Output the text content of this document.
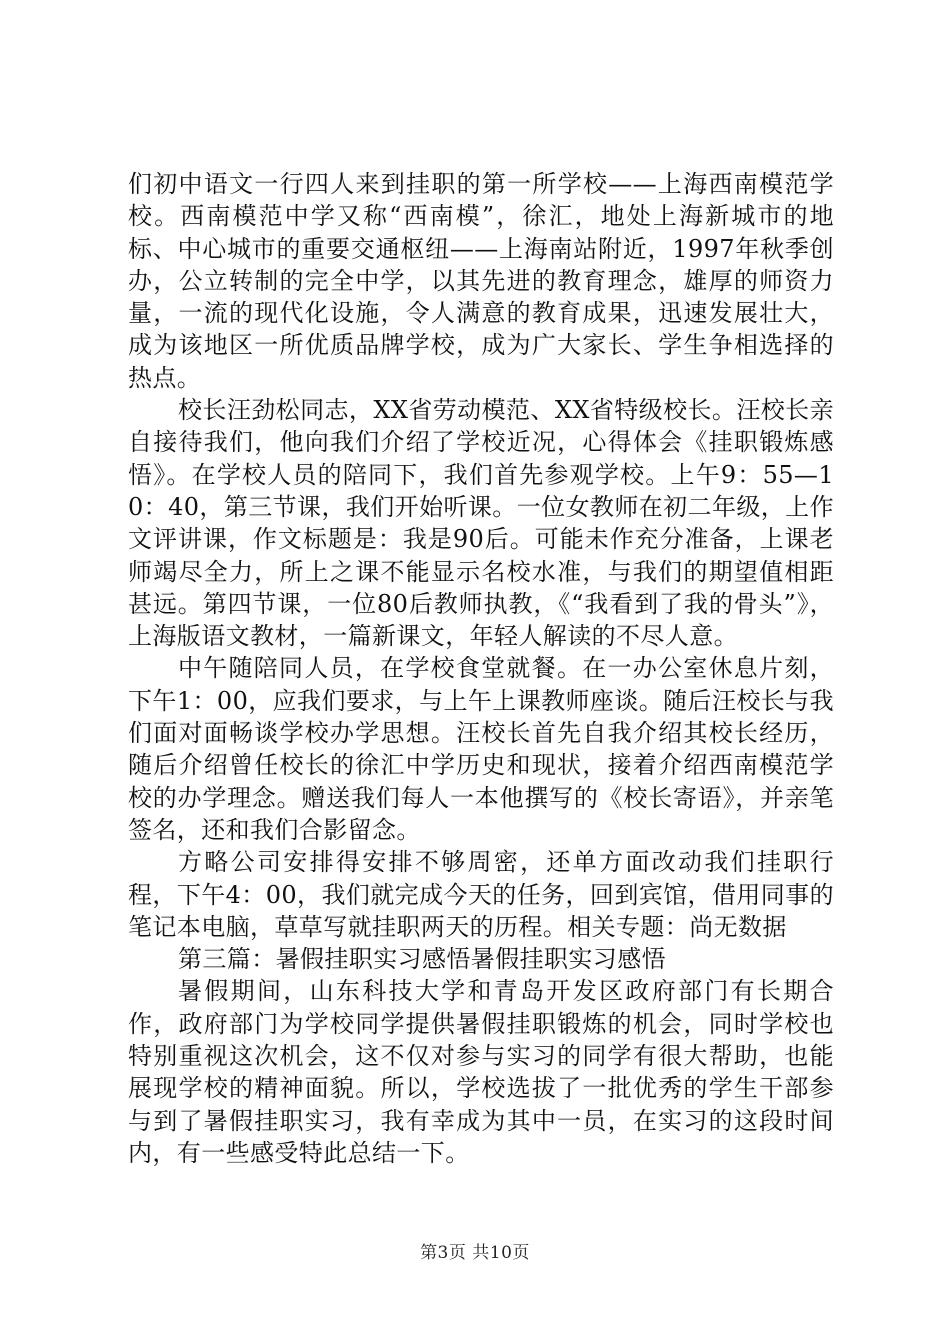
们初中语文一行四人来到挂职的第一所学校——上海西南模范学校。西南模范中学又称“西南模”，徐汇，地处上海新城市的地标、中心城市的重要交通枢纽——上海南站附近，1997年秋季创办，公立转制的完全中学，以其先进的教育理念，雄厚的师资力量，一流的现代化设施，令人满意的教育成果，迅速发展壮大，成为该地区一所优质品牌学校，成为广大家长、学生争相选择的热点。

校长汪劲松同志，XX省劳动模范、XX省特级校长。汪校长亲自接待我们，他向我们介绍了学校近况，心得体会《挂职锻炼感悟》。在学校人员的陪同下，我们首先参观学校。上午9：55—10：40，第三节课，我们开始听课。一位女教师在初二年级，上作文评讲课，作文标题是：我是90后。可能未作充分准备，上课老师竭尽全力，所上之课不能显示名校水准，与我们的期望值相距甚远。第四节课，一位80后教师执教，《“我看到了我的骨头”》，上海版语文教材，一篇新课文，年轻人解读的不尽人意。

中午随陪同人员，在学校食堂就餐。在一办公室休息片刻，下午1：00，应我们要求，与上午上课教师座谈。随后汪校长与我们面对面畅谈学校办学思想。汪校长首先自我介绍其校长经历，随后介绍曾任校长的徐汇中学历史和现状，接着介绍西南模范学校的办学理念。赠送我们每人一本他撰写的《校长寄语》，并亲笔签名，还和我们合影留念。

方略公司安排得安排不够周密，还单方面改动我们挂职行程，下午4：00，我们就完成今天的任务，回到宾馆，借用同事的笔记本电脑，草草写就挂职两天的历程。相关专题：尚无数据

第三篇：暑假挂职实习感悟暑假挂职实习感悟

暑假期间，山东科技大学和青岛开发区政府部门有长期合作，政府部门为学校同学提供暑假挂职锻炼的机会，同时学校也特别重视这次机会，这不仅对参与实习的同学有很大帮助，也能展现学校的精神面貌。所以，学校选拔了一批优秀的学生干部参与到了暑假挂职实习，我有幸成为其中一员，在实习的这段时间内，有一些感受特此总结一下。

第3页 共10页
